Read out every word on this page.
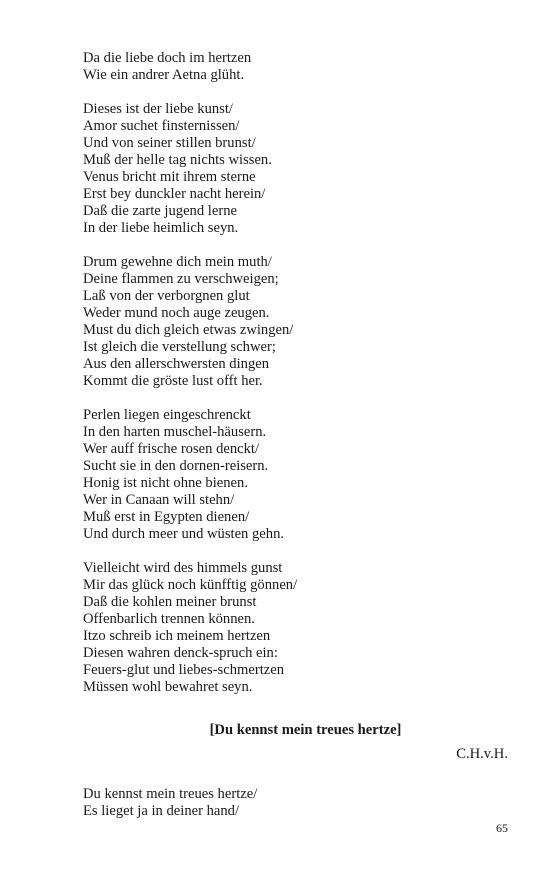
Da die liebe doch im hertzen
Wie ein andrer Aetna glüht.
Dieses ist der liebe kunst/
Amor suchet finsternissen/
Und von seiner stillen brunst/
Muß der helle tag nichts wissen.
Venus bricht mit ihrem sterne
Erst bey dunckler nacht herein/
Daß die zarte jugend lerne
In der liebe heimlich seyn.
Drum gewehne dich mein muth/
Deine flammen zu verschweigen;
Laß von der verborgnen glut
Weder mund noch auge zeugen.
Must du dich gleich etwas zwingen/
Ist gleich die verstellung schwer;
Aus den allerschwersten dingen
Kommt die gröste lust offt her.
Perlen liegen eingeschrenckt
In den harten muschel-häusern.
Wer auff frische rosen denckt/
Sucht sie in den dornen-reisern.
Honig ist nicht ohne bienen.
Wer in Canaan will stehn/
Muß erst in Egypten dienen/
Und durch meer und wüsten gehn.
Vielleicht wird des himmels gunst
Mir das glück noch künfftig gönnen/
Daß die kohlen meiner brunst
Offenbarlich trennen können.
Itzo schreib ich meinem hertzen
Diesen wahren denck-spruch ein:
Feuers-glut und liebes-schmertzen
Müssen wohl bewahret seyn.
[Du kennst mein treues hertze]
C.H.v.H.
Du kennst mein treues hertze/
Es lieget ja in deiner hand/
65
